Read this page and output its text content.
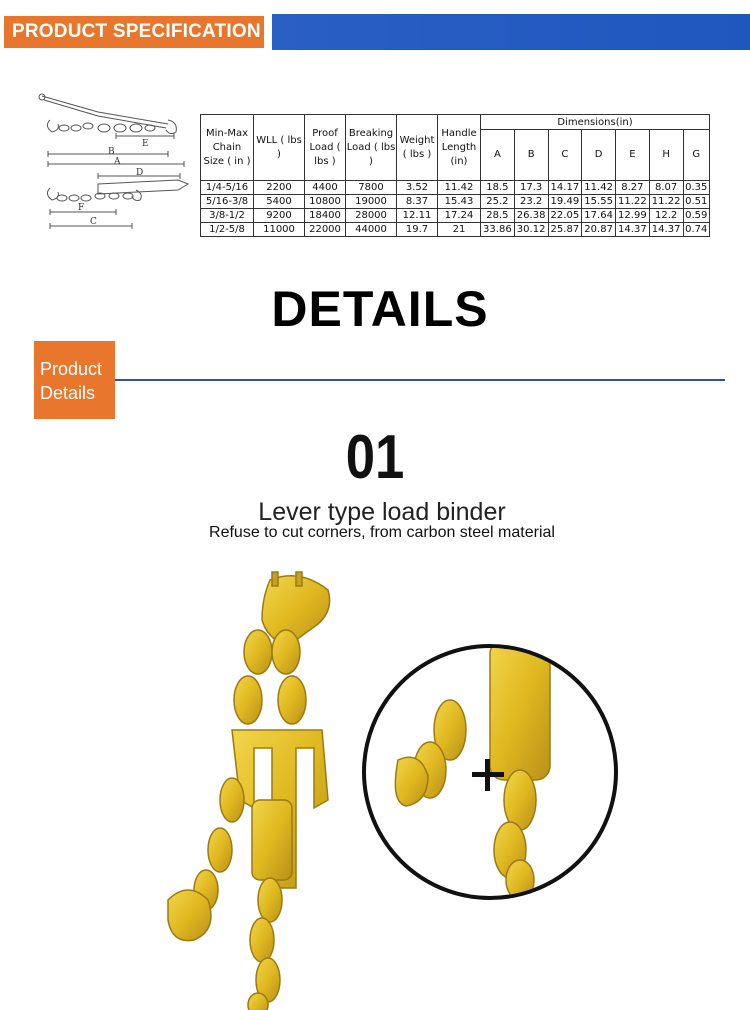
PRODUCT SPECIFICATION
A
B
E
D
F
C
Min-Max Chain Size ( in )	WLL ( lbs )	Proof Load ( lbs )	Breaking Load ( lbs )	Weight ( lbs )	Handle Length (in)	Dimensions(in)						
						A	B	C	D	E	H	G
1/4-5/16	2200	4400	7800	3.52	11.42	18.5	17.3	14.17	11.42	8.27	8.07	0.35
5/16-3/8	5400	10800	19000	8.37	15.43	25.2	23.2	19.49	15.55	11.22	11.22	0.51
3/8-1/2	9200	18400	28000	12.11	17.24	28.5	26.38	22.05	17.64	12.99	12.2	0.59
1/2-5/8	11000	22000	44000	19.7	21	33.86	30.12	25.87	20.87	14.37	14.37	0.74
DETAILS
Product
Details
01
Lever type load binder
Refuse to cut corners, from carbon steel material
